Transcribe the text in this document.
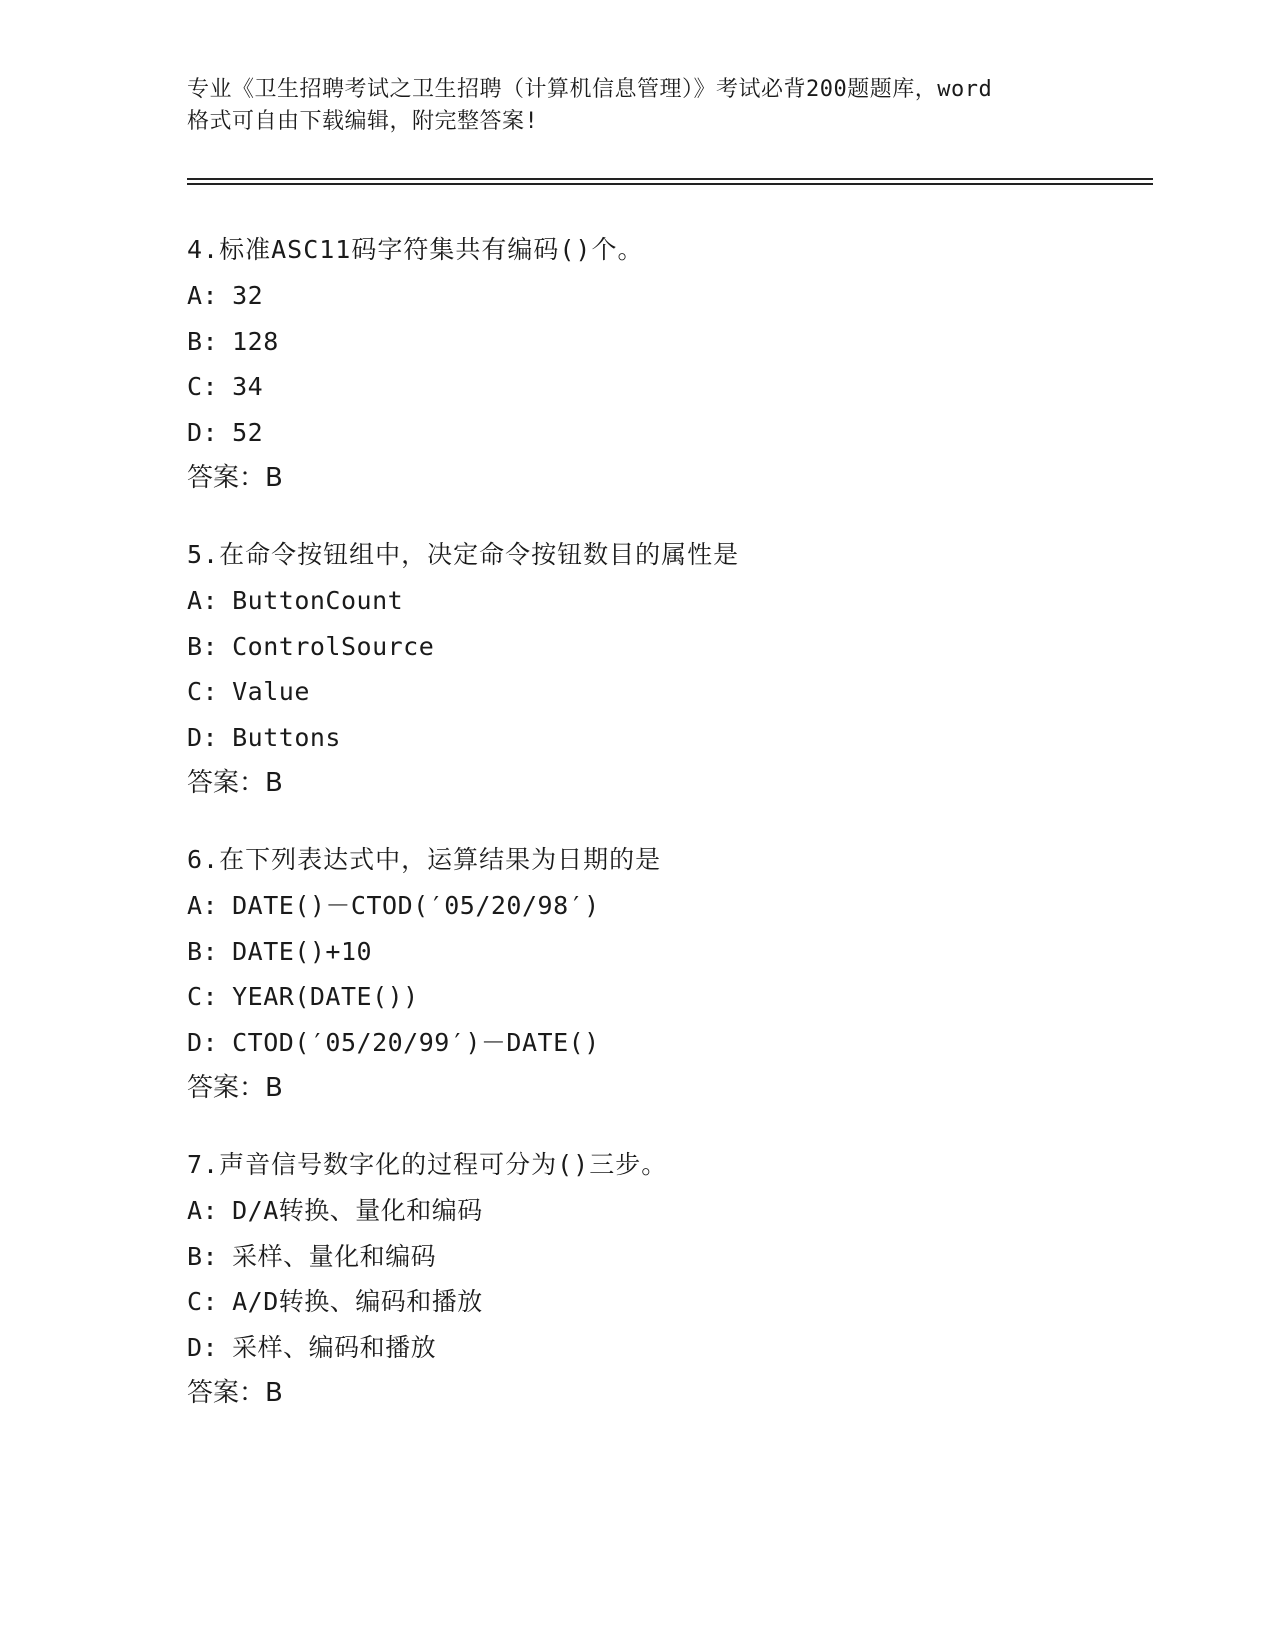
专业《卫生招聘考试之卫生招聘（计算机信息管理）》考试必背200题题库，word
格式可自由下载编辑，附完整答案!
4.标准ASC11码字符集共有编码()个。
A: 32
B: 128
C: 34
D: 52
答案：B
5.在命令按钮组中，决定命令按钮数目的属性是
A: ButtonCount
B: ControlSource
C: Value
D: Buttons
答案：B
6.在下列表达式中，运算结果为日期的是
A: DATE()－CTOD(′05/20/98′)
B: DATE()+10
C: YEAR(DATE())
D: CTOD(′05/20/99′)－DATE()
答案：B
7.声音信号数字化的过程可分为()三步。
A: D/A转换、量化和编码
B: 采样、量化和编码
C: A/D转换、编码和播放
D: 采样、编码和播放
答案：B
